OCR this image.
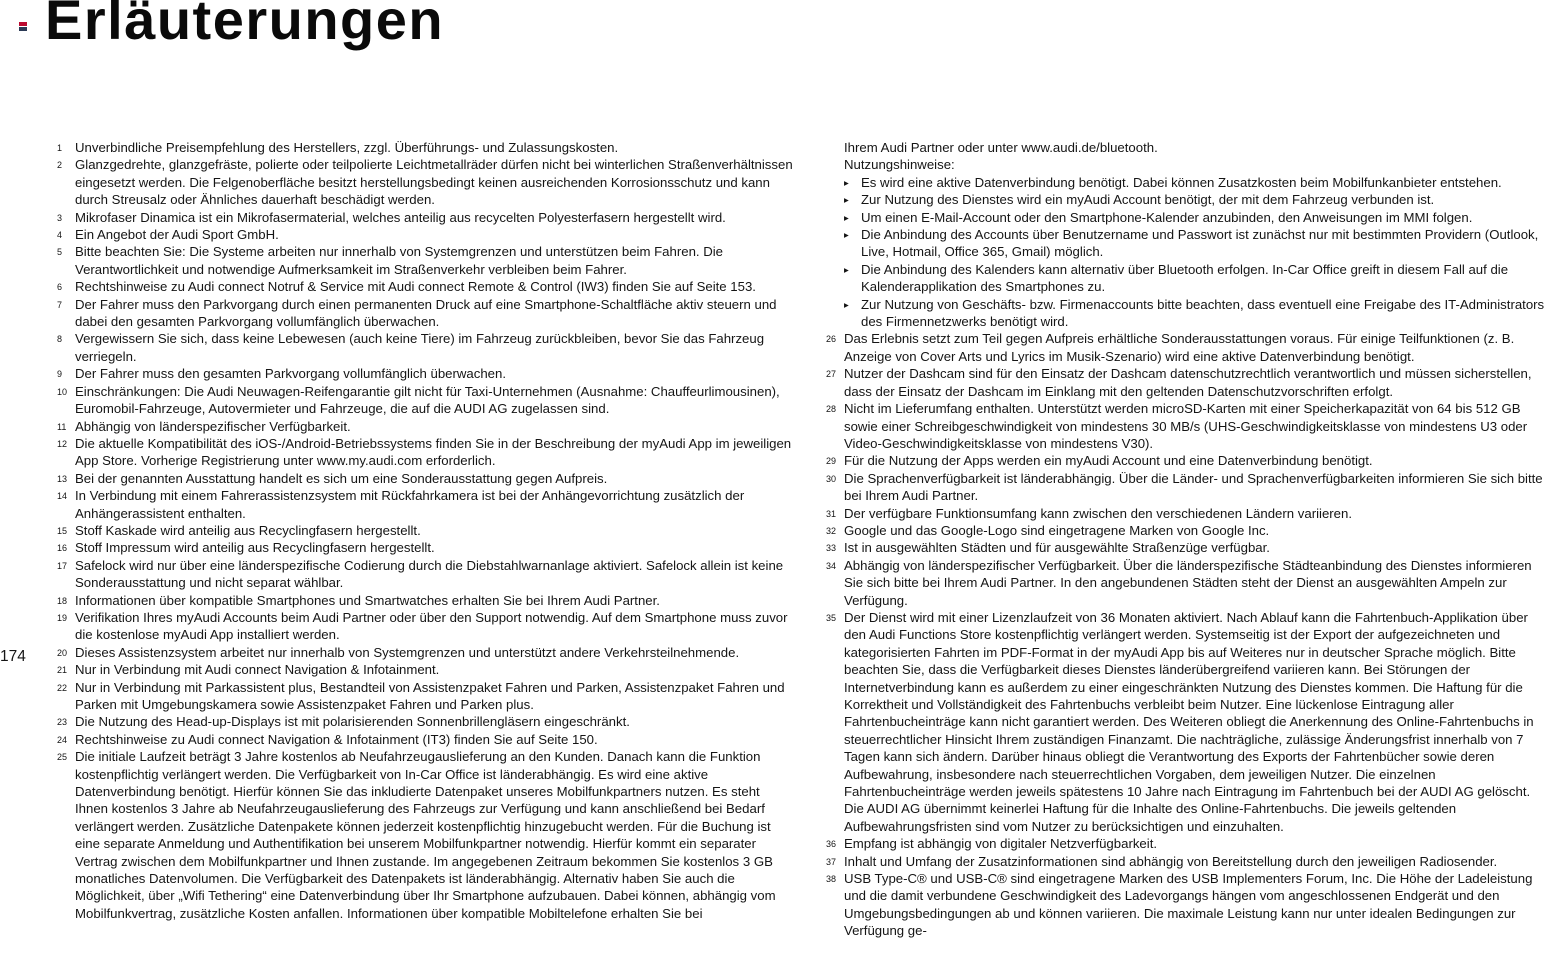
Erläuterungen
174
1 Unverbindliche Preisempfehlung des Herstellers, zzgl. Überführungs- und Zulassungskosten.
2 Glanzgedrehte, glanzgefräste, polierte oder teilpolierte Leichtmetallräder dürfen nicht bei winterlichen Straßenverhältnissen eingesetzt werden. Die Felgenoberfläche besitzt herstellungsbedingt keinen ausreichenden Korrosionsschutz und kann durch Streusalz oder Ähnliches dauerhaft beschädigt werden.
3 Mikrofaser Dinamica ist ein Mikrofasermaterial, welches anteilig aus recycelten Polyesterfasern hergestellt wird.
4 Ein Angebot der Audi Sport GmbH.
5 Bitte beachten Sie: Die Systeme arbeiten nur innerhalb von Systemgrenzen und unterstützen beim Fahren. Die Verantwortlichkeit und notwendige Aufmerksamkeit im Straßenverkehr verbleiben beim Fahrer.
6 Rechtshinweise zu Audi connect Notruf & Service mit Audi connect Remote & Control (IW3) finden Sie auf Seite 153.
7 Der Fahrer muss den Parkvorgang durch einen permanenten Druck auf eine Smartphone-Schaltfläche aktiv steuern und dabei den gesamten Parkvorgang vollumfänglich überwachen.
8 Vergewissern Sie sich, dass keine Lebewesen (auch keine Tiere) im Fahrzeug zurückbleiben, bevor Sie das Fahrzeug verriegeln.
9 Der Fahrer muss den gesamten Parkvorgang vollumfänglich überwachen.
10 Einschränkungen: Die Audi Neuwagen-Reifengarantie gilt nicht für Taxi-Unternehmen (Ausnahme: Chauffeurlimousinen), Euromobil-Fahrzeuge, Autovermieter und Fahrzeuge, die auf die AUDI AG zugelassen sind.
11 Abhängig von länderspezifischer Verfügbarkeit.
12 Die aktuelle Kompatibilität des iOS-/Android-Betriebssystems finden Sie in der Beschreibung der myAudi App im jeweiligen App Store. Vorherige Registrierung unter www.my.audi.com erforderlich.
13 Bei der genannten Ausstattung handelt es sich um eine Sonderausstattung gegen Aufpreis.
14 In Verbindung mit einem Fahrerassistenzsystem mit Rückfahrkamera ist bei der Anhängevorrichtung zusätzlich der Anhängerassistent enthalten.
15 Stoff Kaskade wird anteilig aus Recyclingfasern hergestellt.
16 Stoff Impressum wird anteilig aus Recyclingfasern hergestellt.
17 Safelock wird nur über eine länderspezifische Codierung durch die Diebstahlwarnanlage aktiviert. Safelock allein ist keine Sonderausstattung und nicht separat wählbar.
18 Informationen über kompatible Smartphones und Smartwatches erhalten Sie bei Ihrem Audi Partner.
19 Verifikation Ihres myAudi Accounts beim Audi Partner oder über den Support notwendig. Auf dem Smartphone muss zuvor die kostenlose myAudi App installiert werden.
20 Dieses Assistenzsystem arbeitet nur innerhalb von Systemgrenzen und unterstützt andere Verkehrsteilnehmende.
21 Nur in Verbindung mit Audi connect Navigation & Infotainment.
22 Nur in Verbindung mit Parkassistent plus, Bestandteil von Assistenzpaket Fahren und Parken, Assistenzpaket Fahren und Parken mit Umgebungskamera sowie Assistenzpaket Fahren und Parken plus.
23 Die Nutzung des Head-up-Displays ist mit polarisierenden Sonnenbrillengläsern eingeschränkt.
24 Rechtshinweise zu Audi connect Navigation & Infotainment (IT3) finden Sie auf Seite 150.
25 Die initiale Laufzeit beträgt 3 Jahre kostenlos ab Neufahrzeugauslieferung an den Kunden. Danach kann die Funktion kostenpflichtig verlängert werden. Die Verfügbarkeit von In-Car Office ist länderabhängig. Es wird eine aktive Datenverbindung benötigt. Hierfür können Sie das inkludierte Datenpaket unseres Mobilfunkpartners nutzen. Es steht Ihnen kostenlos 3 Jahre ab Neufahrzeugauslieferung des Fahrzeugs zur Verfügung und kann anschließend bei Bedarf verlängert werden. Zusätzliche Datenpakete können jederzeit kostenpflichtig hinzugebucht werden. Für die Buchung ist eine separate Anmeldung und Authentifikation bei unserem Mobilfunkpartner notwendig. Hierfür kommt ein separater Vertrag zwischen dem Mobilfunkpartner und Ihnen zustande. Im angegebenen Zeitraum bekommen Sie kostenlos 3 GB monatliches Datenvolumen. Die Verfügbarkeit des Datenpakets ist länderabhängig. Alternativ haben Sie auch die Möglichkeit, über „Wifi Tethering“ eine Datenverbindung über Ihr Smartphone aufzubauen. Dabei können, abhängig vom Mobilfunkvertrag, zusätzliche Kosten anfallen. Informationen über kompatible Mobiltelefone erhalten Sie bei
Ihrem Audi Partner oder unter www.audi.de/bluetooth.
Nutzungshinweise:
▸ Es wird eine aktive Datenverbindung benötigt. Dabei können Zusatzkosten beim Mobilfunkanbieter entstehen.
▸ Zur Nutzung des Dienstes wird ein myAudi Account benötigt, der mit dem Fahrzeug verbunden ist.
▸ Um einen E-Mail-Account oder den Smartphone-Kalender anzubinden, den Anweisungen im MMI folgen.
▸ Die Anbindung des Accounts über Benutzername und Passwort ist zunächst nur mit bestimmten Providern (Outlook, Live, Hotmail, Office 365, Gmail) möglich.
▸ Die Anbindung des Kalenders kann alternativ über Bluetooth erfolgen. In-Car Office greift in diesem Fall auf die Kalenderapplikation des Smartphones zu.
▸ Zur Nutzung von Geschäfts- bzw. Firmenaccounts bitte beachten, dass eventuell eine Freigabe des IT-Administrators des Firmennetzwerks benötigt wird.
26 Das Erlebnis setzt zum Teil gegen Aufpreis erhältliche Sonderausstattungen voraus. Für einige Teilfunktionen (z. B. Anzeige von Cover Arts und Lyrics im Musik-Szenario) wird eine aktive Datenverbindung benötigt.
27 Nutzer der Dashcam sind für den Einsatz der Dashcam datenschutzrechtlich verantwortlich und müssen sicherstellen, dass der Einsatz der Dashcam im Einklang mit den geltenden Datenschutzvorschriften erfolgt.
28 Nicht im Lieferumfang enthalten. Unterstützt werden microSD-Karten mit einer Speicherkapazität von 64 bis 512 GB sowie einer Schreibgeschwindigkeit von mindestens 30 MB/s (UHS-Geschwindigkeitsklasse von mindestens U3 oder Video-Geschwindigkeitsklasse von mindestens V30).
29 Für die Nutzung der Apps werden ein myAudi Account und eine Datenverbindung benötigt.
30 Die Sprachenverfügbarkeit ist länderabhängig. Über die Länder- und Sprachenverfügbarkeiten informieren Sie sich bitte bei Ihrem Audi Partner.
31 Der verfügbare Funktionsumfang kann zwischen den verschiedenen Ländern variieren.
32 Google und das Google-Logo sind eingetragene Marken von Google Inc.
33 Ist in ausgewählten Städten und für ausgewählte Straßenzüge verfügbar.
34 Abhängig von länderspezifischer Verfügbarkeit. Über die länderspezifische Städteanbindung des Dienstes informieren Sie sich bitte bei Ihrem Audi Partner. In den angebundenen Städten steht der Dienst an ausgewählten Ampeln zur Verfügung.
35 Der Dienst wird mit einer Lizenzlaufzeit von 36 Monaten aktiviert. Nach Ablauf kann die Fahrtenbuch-Applikation über den Audi Functions Store kostenpflichtig verlängert werden. Systemseitig ist der Export der aufgezeichneten und kategorisierten Fahrten im PDF-Format in der myAudi App bis auf Weiteres nur in deutscher Sprache möglich. Bitte beachten Sie, dass die Verfügbarkeit dieses Dienstes länderübergreifend variieren kann. Bei Störungen der Internetverbindung kann es außerdem zu einer eingeschränkten Nutzung des Dienstes kommen. Die Haftung für die Korrektheit und Vollständigkeit des Fahrtenbuchs verbleibt beim Nutzer. Eine lückenlose Eintragung aller Fahrtenbucheinträge kann nicht garantiert werden. Des Weiteren obliegt die Anerkennung des Online-Fahrtenbuchs in steuerrechtlicher Hinsicht Ihrem zuständigen Finanzamt. Die nachträgliche, zulässige Änderungsfrist innerhalb von 7 Tagen kann sich ändern. Darüber hinaus obliegt die Verantwortung des Exports der Fahrtenbücher sowie deren Aufbewahrung, insbesondere nach steuerrechtlichen Vorgaben, dem jeweiligen Nutzer. Die einzelnen Fahrtenbucheinträge werden jeweils spätestens 10 Jahre nach Eintragung im Fahrtenbuch bei der AUDI AG gelöscht. Die AUDI AG übernimmt keinerlei Haftung für die Inhalte des Online-Fahrtenbuchs. Die jeweils geltenden Aufbewahrungsfristen sind vom Nutzer zu berücksichtigen und einzuhalten.
36 Empfang ist abhängig von digitaler Netzverfügbarkeit.
37 Inhalt und Umfang der Zusatzinformationen sind abhängig von Bereitstellung durch den jeweiligen Radiosender.
38 USB Type-C® und USB-C® sind eingetragene Marken des USB Implementers Forum, Inc. Die Höhe der Ladeleistung und die damit verbundene Geschwindigkeit des Ladevorgangs hängen vom angeschlossenen Endgerät und den Umgebungsbedingungen ab und können variieren. Die maximale Leistung kann nur unter idealen Bedingungen zur Verfügung ge-
